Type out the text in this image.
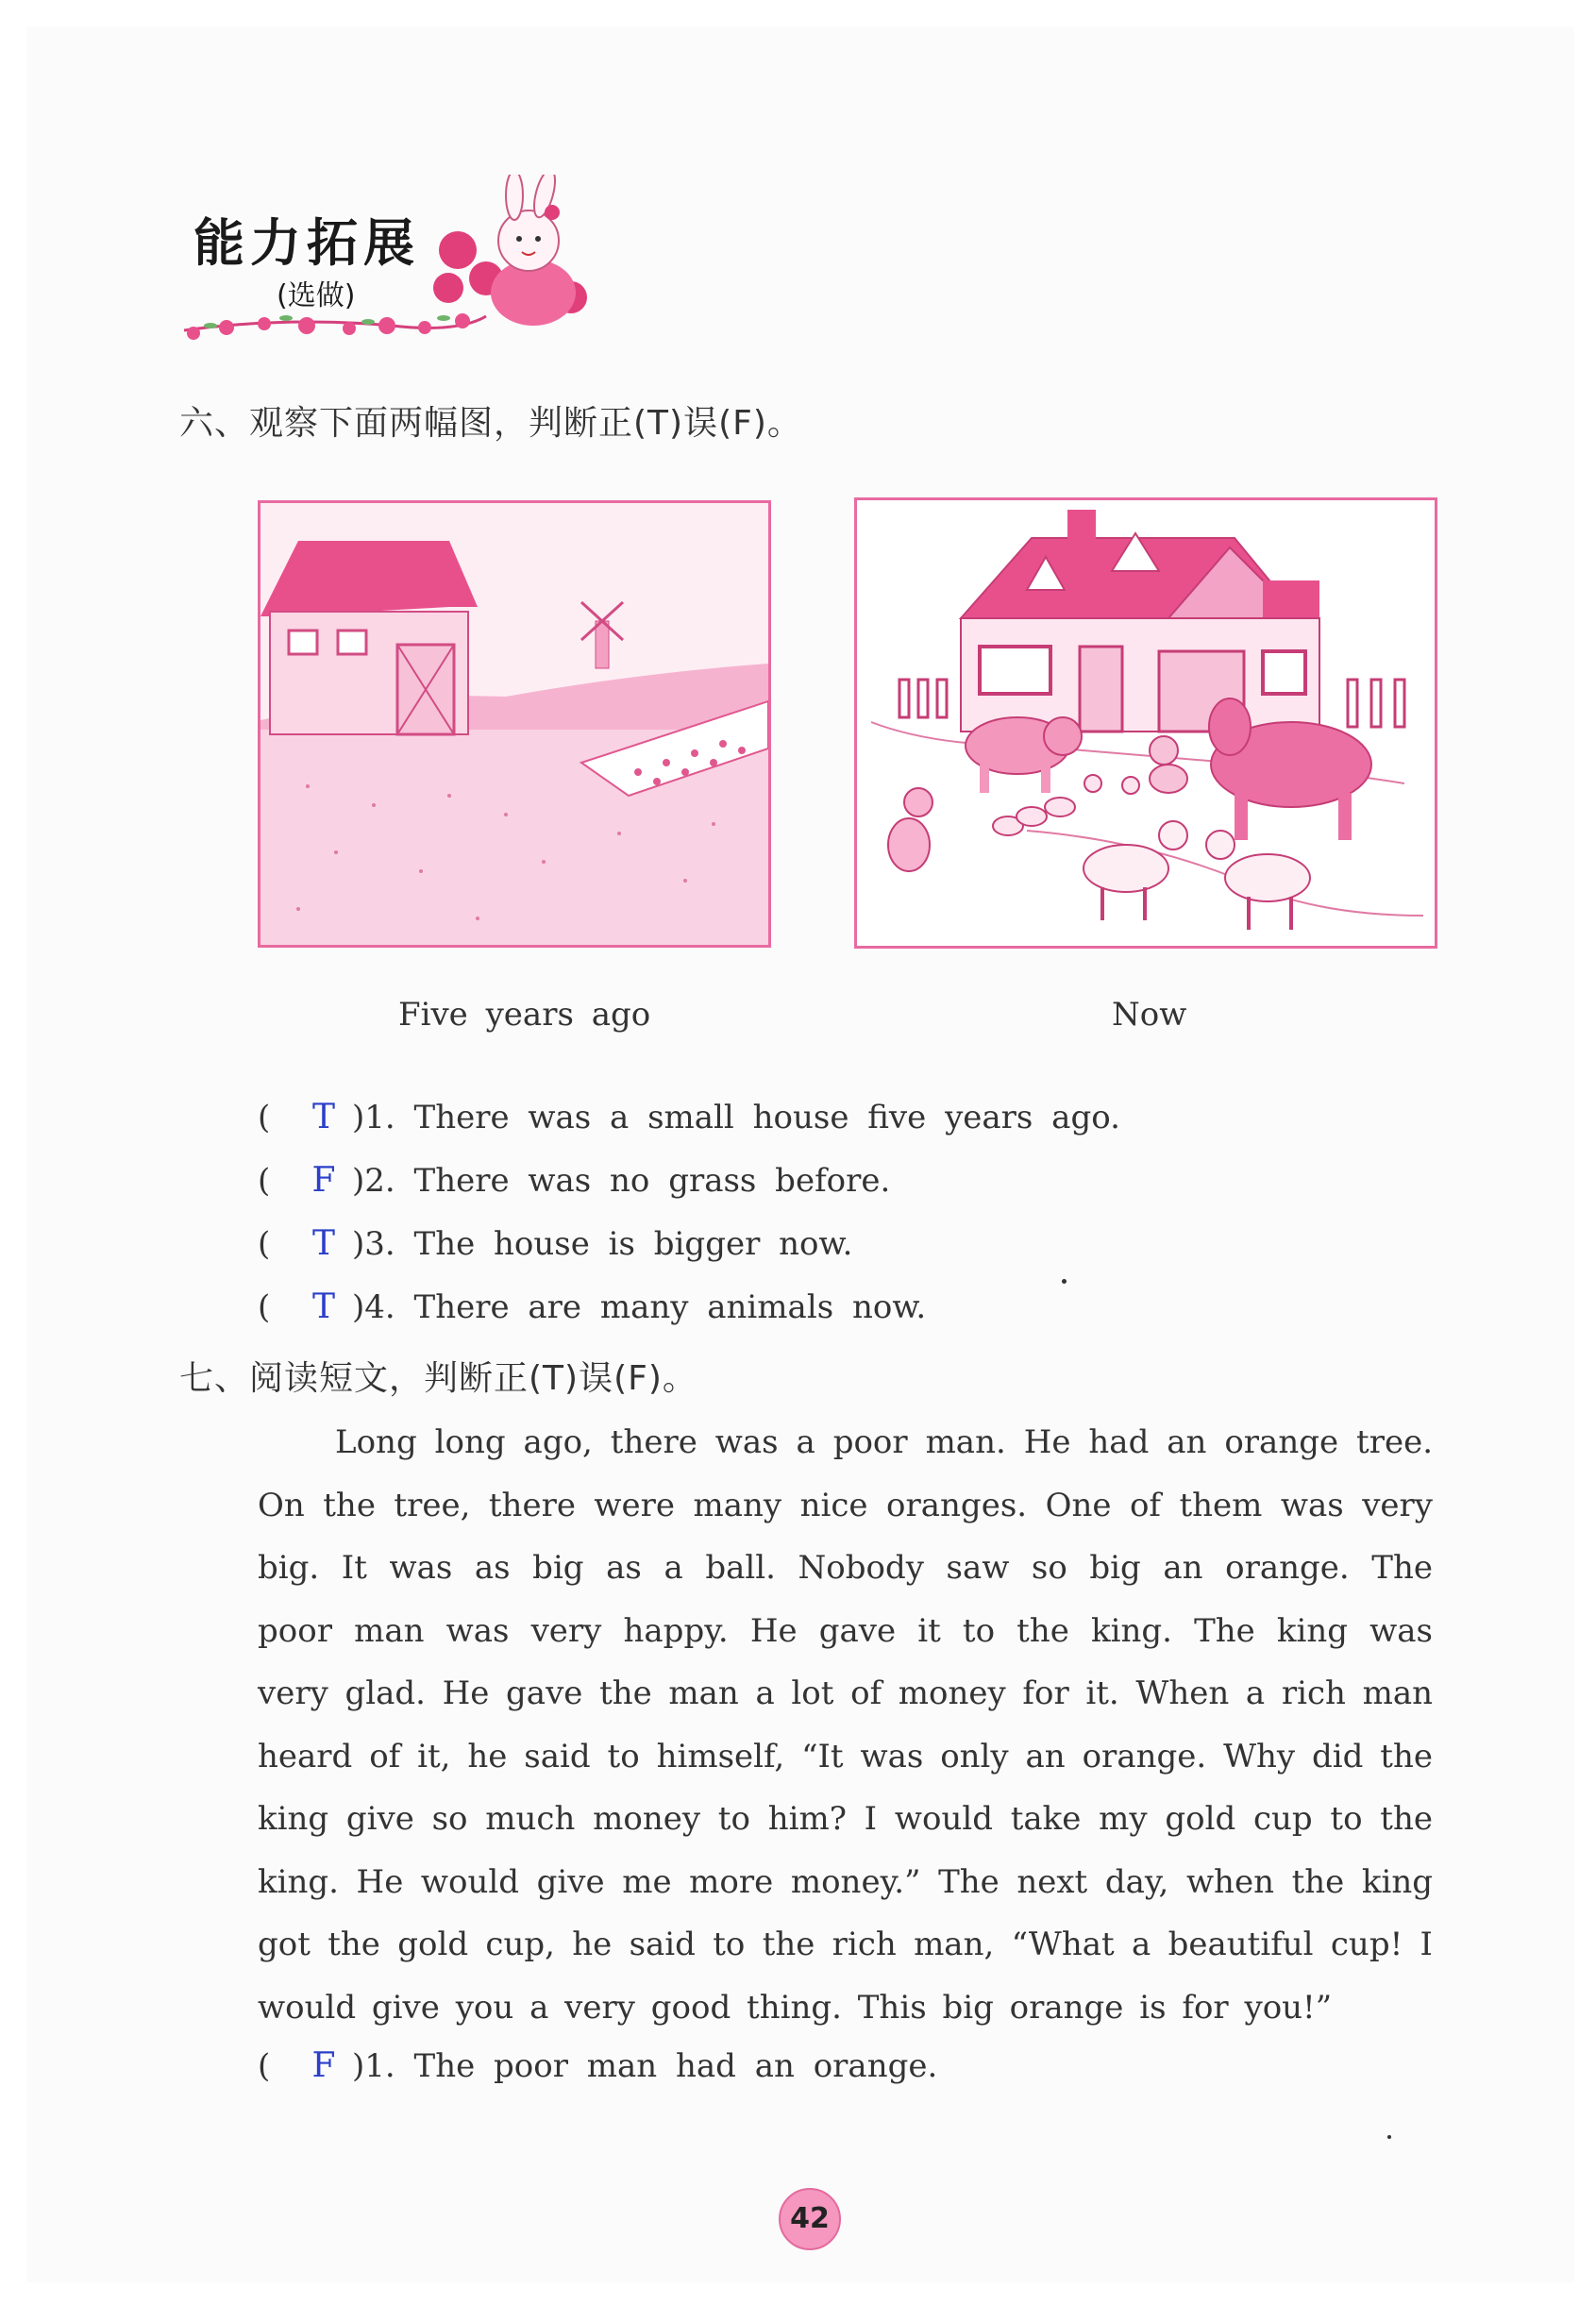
能力拓展
(选做)
六、观察下面两幅图，判断正(T)误(F)。
Five years ago	Now
( T )1. There was a small house five years ago.
( F )2. There was no grass before.
( T )3. The house is bigger now.
( T )4. There are many animals now.
七、阅读短文，判断正(T)误(F)。

Long long ago, there was a poor man. He had an orange tree. On the tree, there were many nice oranges. One of them was very big. It was as big as a ball. Nobody saw so big an orange. The poor man was very happy. He gave it to the king. The king was very glad. He gave the man a lot of money for it. When a rich man heard of it, he said to himself, “It was only an orange. Why did the king give so much money to him? I would take my gold cup to the king. He would give me more money.” The next day, when the king got the gold cup, he said to the rich man, “What a beautiful cup! I would give you a very good thing. This big orange is for you!”

( F )1. The poor man had an orange.
42
